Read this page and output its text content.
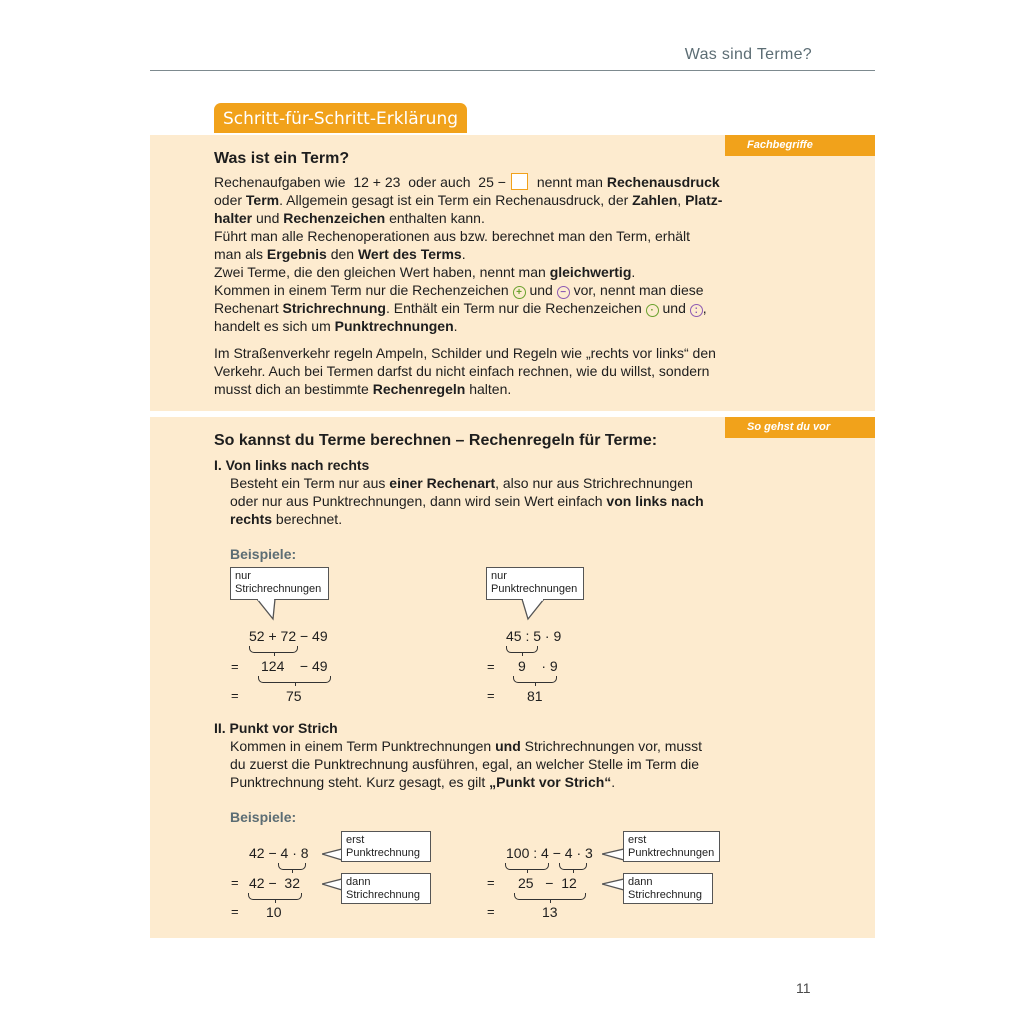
Was sind Terme?
Schritt-für-Schritt-Erklärung
Fachbegriffe
Was ist ein Term?
Rechenaufgaben wie 12 + 23 oder auch 25 − nennt man Rechenausdruck
oder Term. Allgemein gesagt ist ein Term ein Rechenausdruck, der Zahlen, Platz-
halter und Rechenzeichen enthalten kann.
Führt man alle Rechenoperationen aus bzw. berechnet man den Term, erhält
man als Ergebnis den Wert des Terms.
Zwei Terme, die den gleichen Wert haben, nennt man gleichwertig.
Kommen in einem Term nur die Rechenzeichen + und − vor, nennt man diese
Rechenart Strichrechnung. Enthält ein Term nur die Rechenzeichen · und : ,
handelt es sich um Punktrechnungen.
Im Straßenverkehr regeln Ampeln, Schilder und Regeln wie „rechts vor links“ den
Verkehr. Auch bei Termen darfst du nicht einfach rechnen, wie du willst, sondern
musst dich an bestimmte Rechenregeln halten.
So gehst du vor
So kannst du Terme berechnen – Rechenregeln für Terme:
I. Von links nach rechts
Besteht ein Term nur aus einer Rechenart, also nur aus Strichrechnungen
oder nur aus Punktrechnungen, dann wird sein Wert einfach von links nach
rechts berechnet.
Beispiele:
nur
Strichrechnungen
52 + 72 − 49
= 124    − 49
=	75
nur
Punktrechnungen
45 : 5 · 9
= 9    · 9
= 81
II. Punkt vor Strich
Kommen in einem Term Punktrechnungen und Strichrechnungen vor, musst
du zuerst die Punktrechnung ausführen, egal, an welcher Stelle im Term die
Punktrechnung steht. Kurz gesagt, es gilt „Punkt vor Strich“.
Beispiele:
42 − 4 · 8
= 42 −  32
= 10
erst
Punktrechnung
dann
Strichrechnung
100 : 4 − 4 · 3
= 25   −  12
=	13
erst
Punktrechnungen
dann
Strichrechnung
11
